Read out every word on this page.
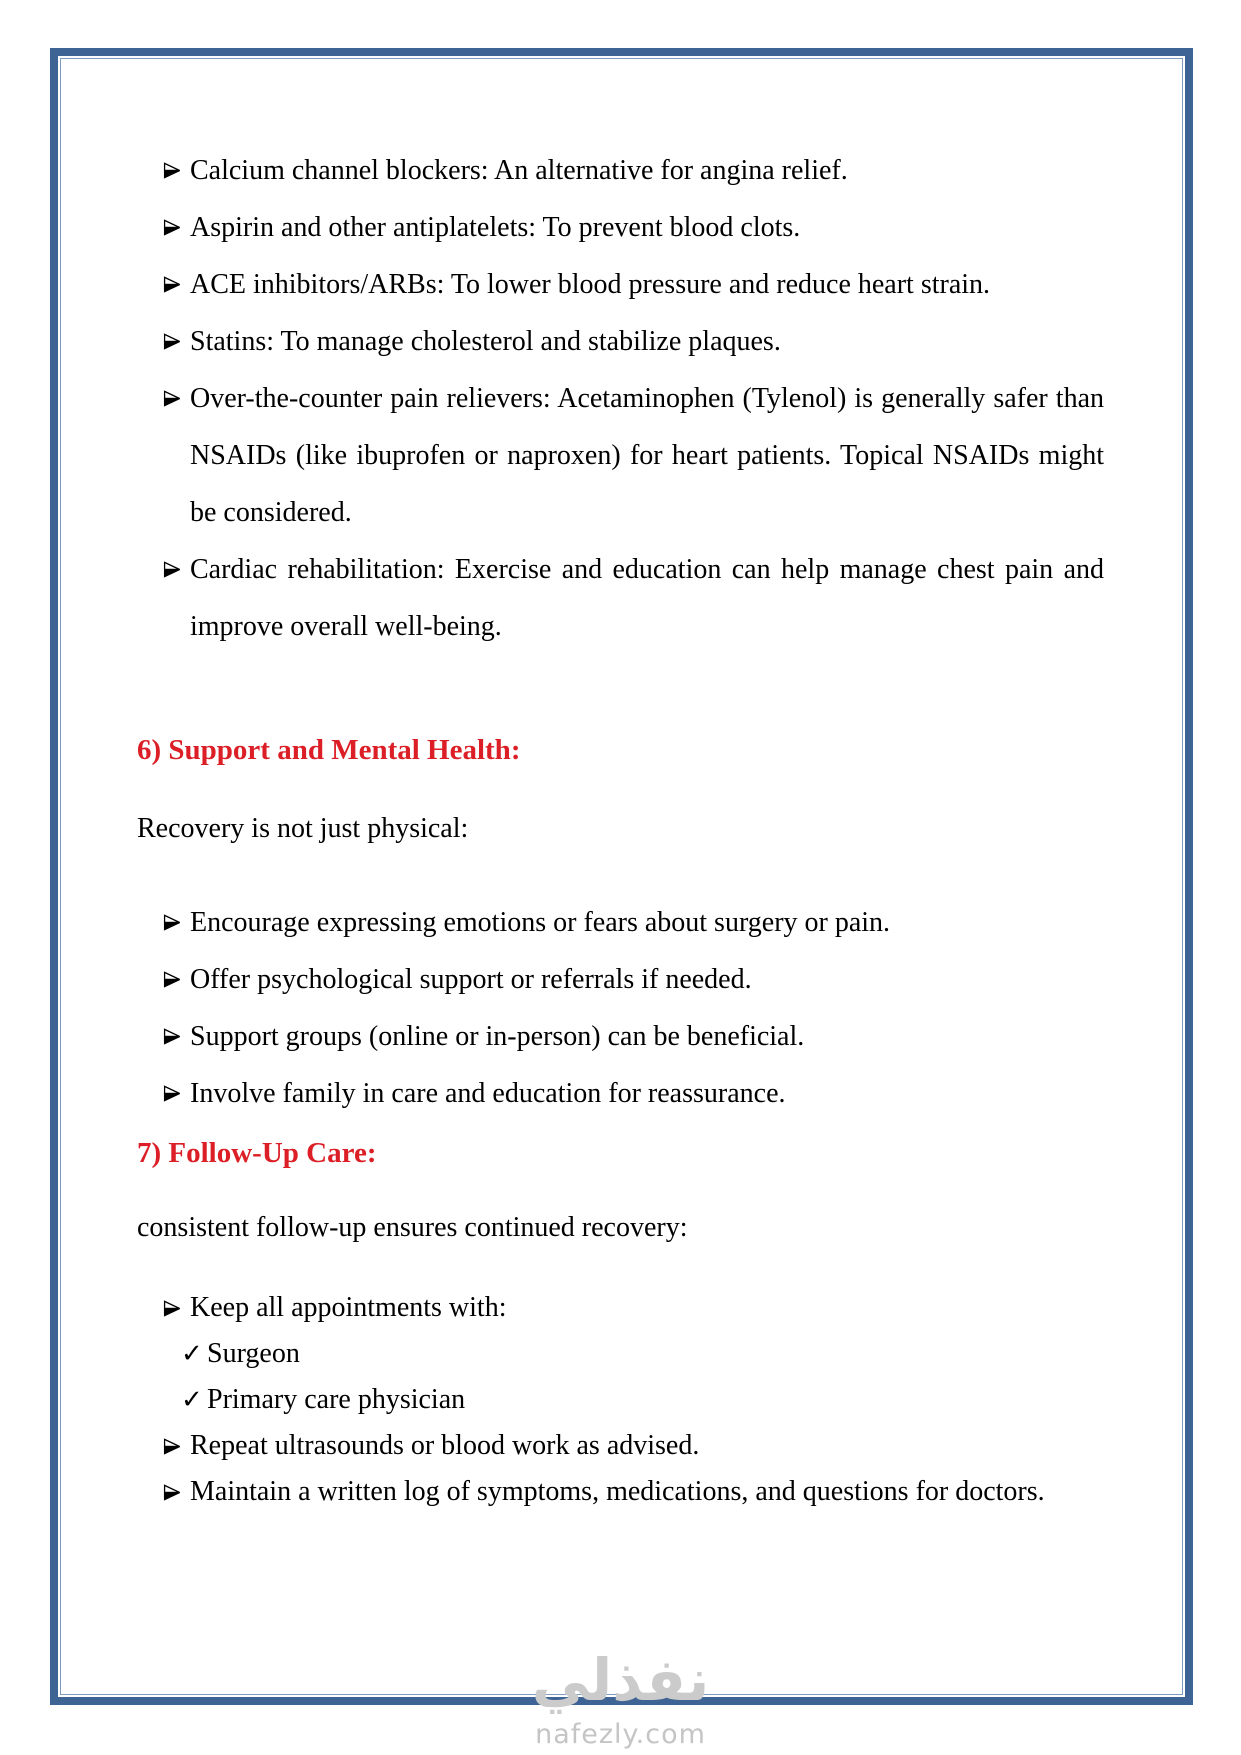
Calcium channel blockers: An alternative for angina relief.
Aspirin and other antiplatelets: To prevent blood clots.
ACE inhibitors/ARBs: To lower blood pressure and reduce heart strain.
Statins: To manage cholesterol and stabilize plaques.
Over-the-counter pain relievers: Acetaminophen (Tylenol) is generally safer than NSAIDs (like ibuprofen or naproxen) for heart patients. Topical NSAIDs might be considered.
Cardiac rehabilitation: Exercise and education can help manage chest pain and improve overall well-being.
6) Support and Mental Health:

Recovery is not just physical:

Encourage expressing emotions or fears about surgery or pain.
Offer psychological support or referrals if needed.
Support groups (online or in-person) can be beneficial.
Involve family in care and education for reassurance.
7) Follow-Up Care:

consistent follow-up ensures continued recovery:

Keep all appointments with:
✓ Surgeon
✓ Primary care physician
Repeat ultrasounds or blood work as advised.
Maintain a written log of symptoms, medications, and questions for doctors.
نفذلي
nafezly.com
